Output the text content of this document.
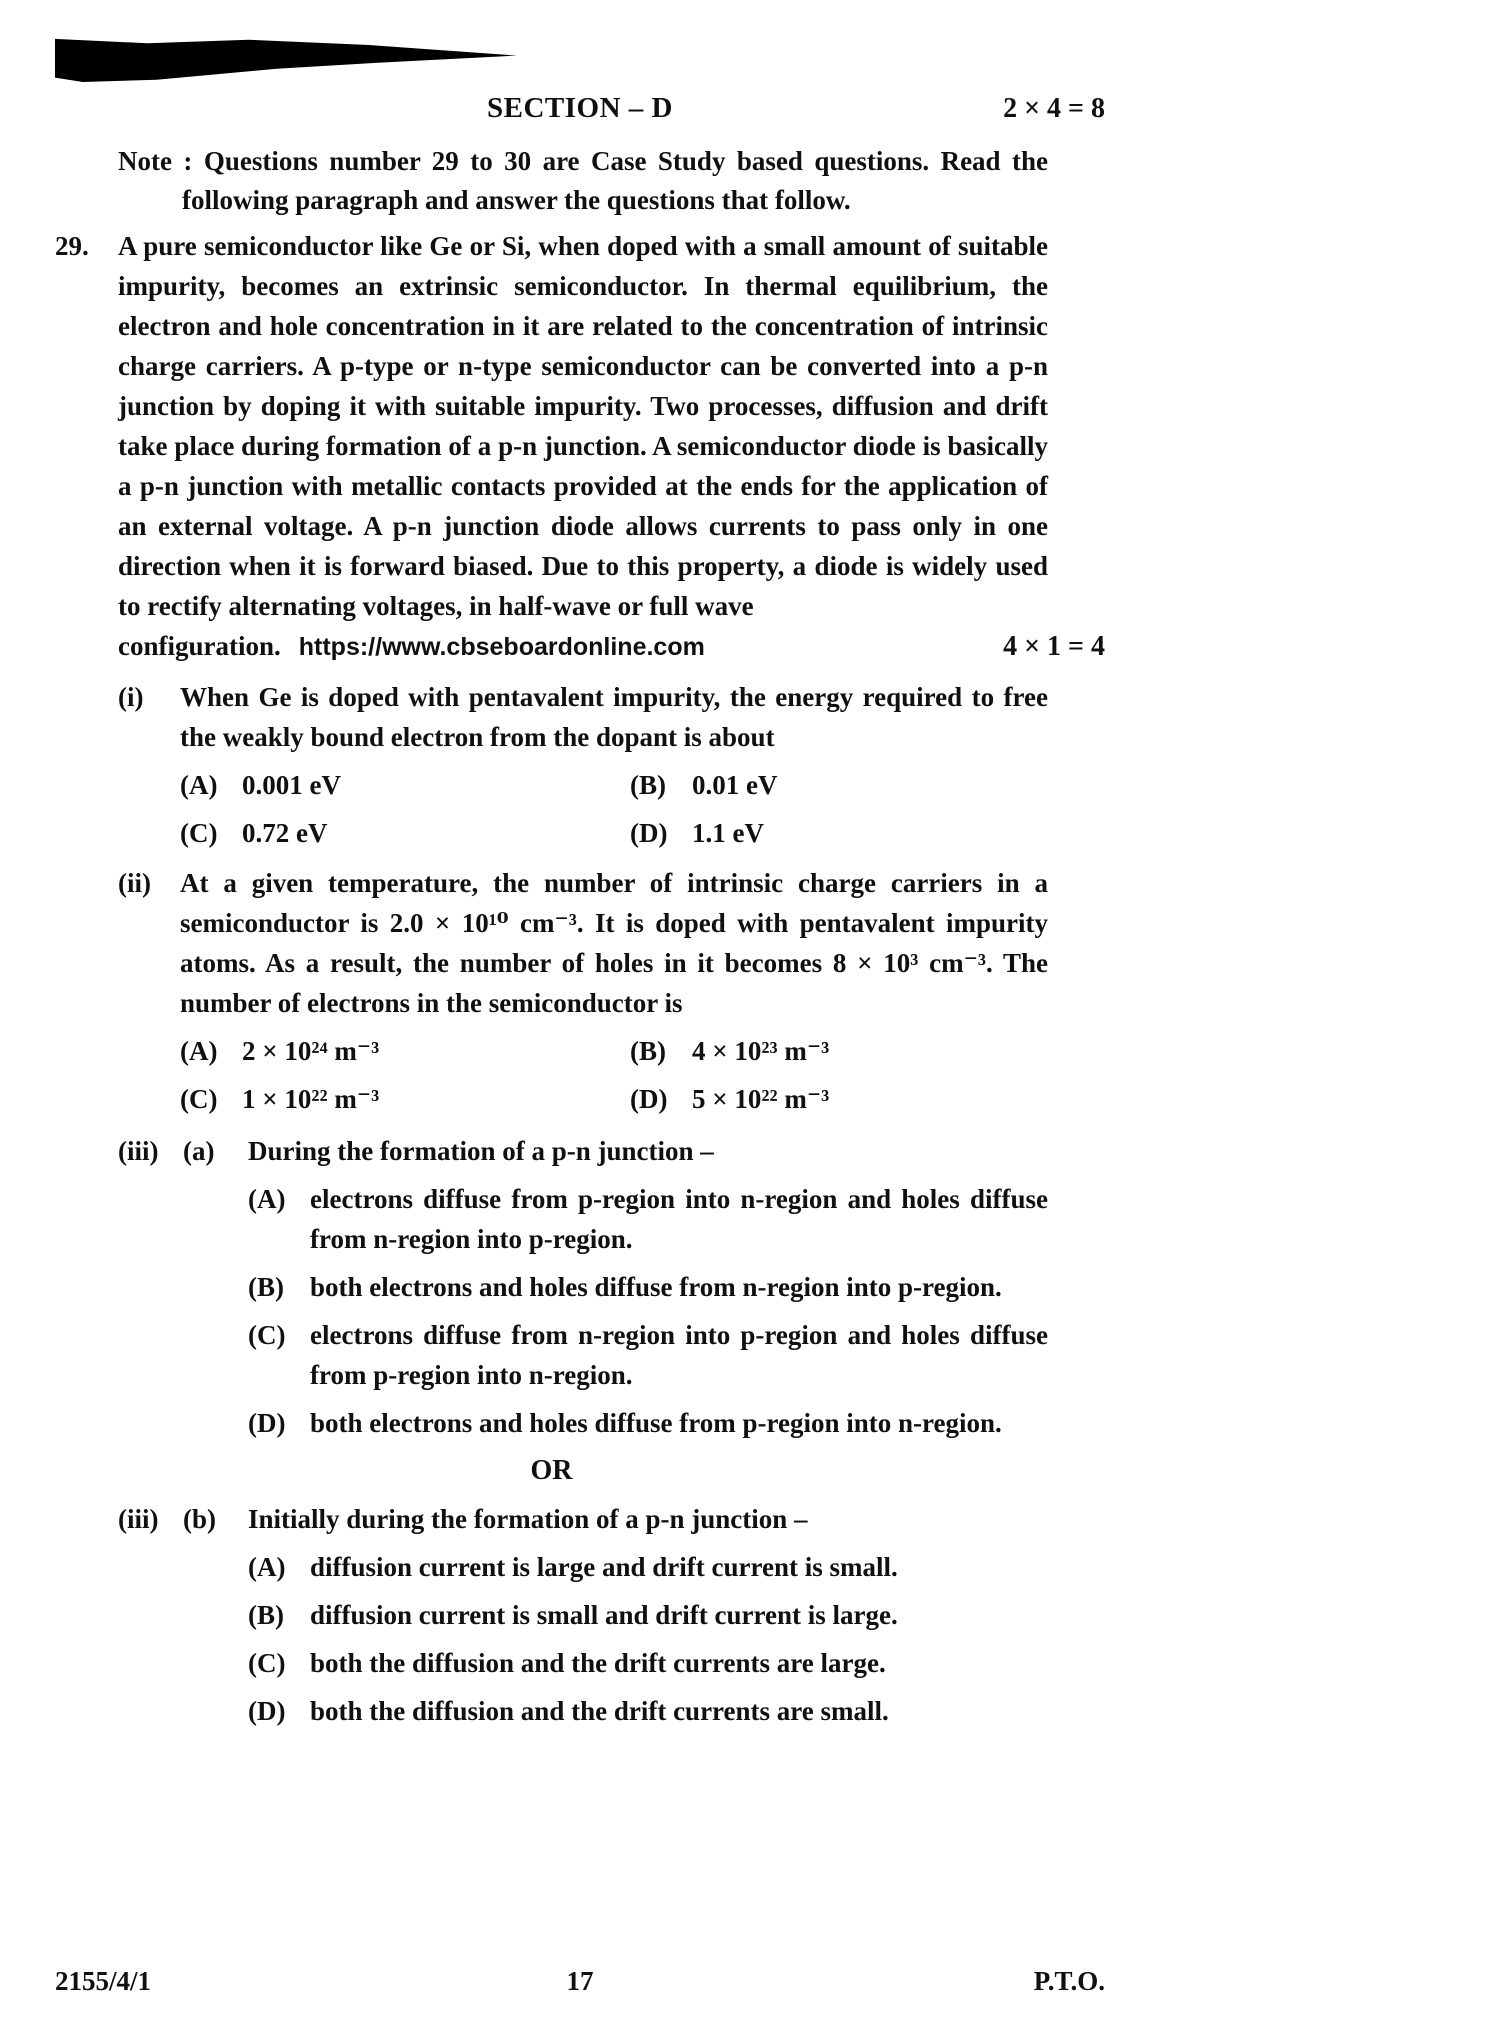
SECTION – D	2 × 4 = 8
Note : Questions number 29 to 30 are Case Study based questions. Read the following paragraph and answer the questions that follow.
29.	A pure semiconductor like Ge or Si, when doped with a small amount of suitable impurity, becomes an extrinsic semiconductor. In thermal equilibrium, the electron and hole concentration in it are related to the concentration of intrinsic charge carriers. A p-type or n-type semiconductor can be converted into a p-n junction by doping it with suitable impurity. Two processes, diffusion and drift take place during formation of a p-n junction. A semiconductor diode is basically a p-n junction with metallic contacts provided at the ends for the application of an external voltage. A p-n junction diode allows currents to pass only in one direction when it is forward biased. Due to this property, a diode is widely used to rectify alternating voltages, in half-wave or full wave
configuration. https://www.cbseboardonline.com	4 × 1 = 4
(i)	When Ge is doped with pentavalent impurity, the energy required to free the weakly bound electron from the dopant is about
(A) 0.001 eV	(B) 0.01 eV
(C) 0.72 eV	(D) 1.1 eV
(ii)	At a given temperature, the number of intrinsic charge carriers in a semiconductor is 2.0 × 10¹⁰ cm⁻³. It is doped with pentavalent impurity atoms. As a result, the number of holes in it becomes 8 × 10³ cm⁻³. The number of electrons in the semiconductor is
(A) 2 × 10²⁴ m⁻³	(B) 4 × 10²³ m⁻³
(C) 1 × 10²² m⁻³	(D) 5 × 10²² m⁻³
(iii) (a)	During the formation of a p-n junction –
(A) electrons diffuse from p-region into n-region and holes diffuse from n-region into p-region.
(B) both electrons and holes diffuse from n-region into p-region.
(C) electrons diffuse from n-region into p-region and holes diffuse from p-region into n-region.
(D) both electrons and holes diffuse from p-region into n-region.
OR
(iii) (b)	Initially during the formation of a p-n junction –
(A) diffusion current is large and drift current is small.
(B) diffusion current is small and drift current is large.
(C) both the diffusion and the drift currents are large.
(D) both the diffusion and the drift currents are small.
2155/4/1	17	P.T.O.
